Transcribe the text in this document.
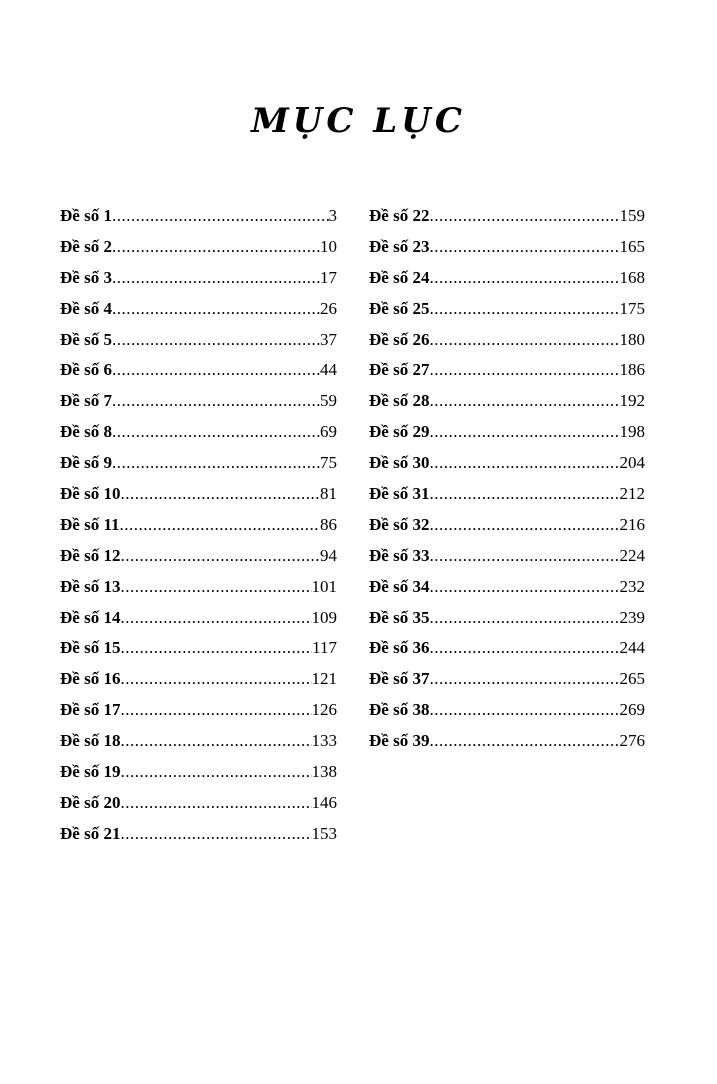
MỤC LỤC
Đề số 1 .....	3
Đề số 2 .....	10
Đề số 3 .....	17
Đề số 4 .....	26
Đề số 5 .....	37
Đề số 6 .....	44
Đề số 7 .....	59
Đề số 8 .....	69
Đề số 9 .....	75
Đề số 10 .....	81
Đề số 11 .....	86
Đề số 12 .....	94
Đề số 13 .....	101
Đề số 14 .....	109
Đề số 15 .....	117
Đề số 16 .....	121
Đề số 17 .....	126
Đề số 18 .....	133
Đề số 19 .....	138
Đề số 20 .....	146
Đề số 21 .....	153
Đề số 22 .....	159
Đề số 23 .....	165
Đề số 24 .....	168
Đề số 25 .....	175
Đề số 26 .....	180
Đề số 27 .....	186
Đề số 28 .....	192
Đề số 29 .....	198
Đề số 30 .....	204
Đề số 31 .....	212
Đề số 32 .....	216
Đề số 33 .....	224
Đề số 34 .....	232
Đề số 35 .....	239
Đề số 36 .....	244
Đề số 37 .....	265
Đề số 38 .....	269
Đề số 39 .....	276
